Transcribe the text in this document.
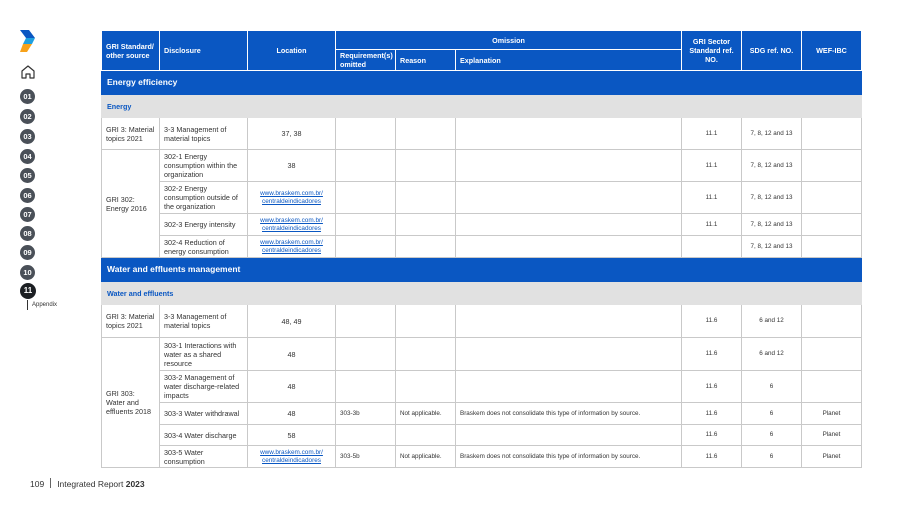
01
02
03
04
05
06
07
08
09
10
11
Appendix
GRI Standard/ other source	Disclosure	Location	Omission			GRI Sector Standard ref. NO.	SDG ref. NO.	WEF-IBC
			Requirement(s) omitted	Reason	Explanation			
Energy efficiency								
Energy								
GRI 3: Material topics 2021	3-3 Management of material topics	37, 38				11.1	7, 8, 12 and 13	
GRI 302: Energy 2016	302-1 Energy consumption within the organization	38				11.1	7, 8, 12 and 13	
	302-2 Energy consumption outside of the organization	www.braskem.com.br/ centraldeindicadores				11.1	7, 8, 12 and 13	
	302-3 Energy intensity	www.braskem.com.br/ centraldeindicadores				11.1	7, 8, 12 and 13	
	302-4 Reduction of energy consumption	www.braskem.com.br/ centraldeindicadores					7, 8, 12 and 13	
Water and effluents management								
Water and effluents								
GRI 3: Material topics 2021	3-3 Management of material topics	48, 49				11.6	6 and 12	
GRI 303: Water and effluents 2018	303-1 Interactions with water as a shared resource	48				11.6	6 and 12	
	303-2 Management of water discharge-related impacts	48				11.6	6	
	303-3 Water withdrawal	48	303-3b	Not applicable.	Braskem does not consolidate this type of information by source.	11.6	6	Planet
	303-4 Water discharge	58				11.6	6	Planet
	303-5 Water consumption	www.braskem.com.br/ centraldeindicadores	303-5b	Not applicable.	Braskem does not consolidate this type of information by source.	11.6	6	Planet
109 Integrated Report 2023
